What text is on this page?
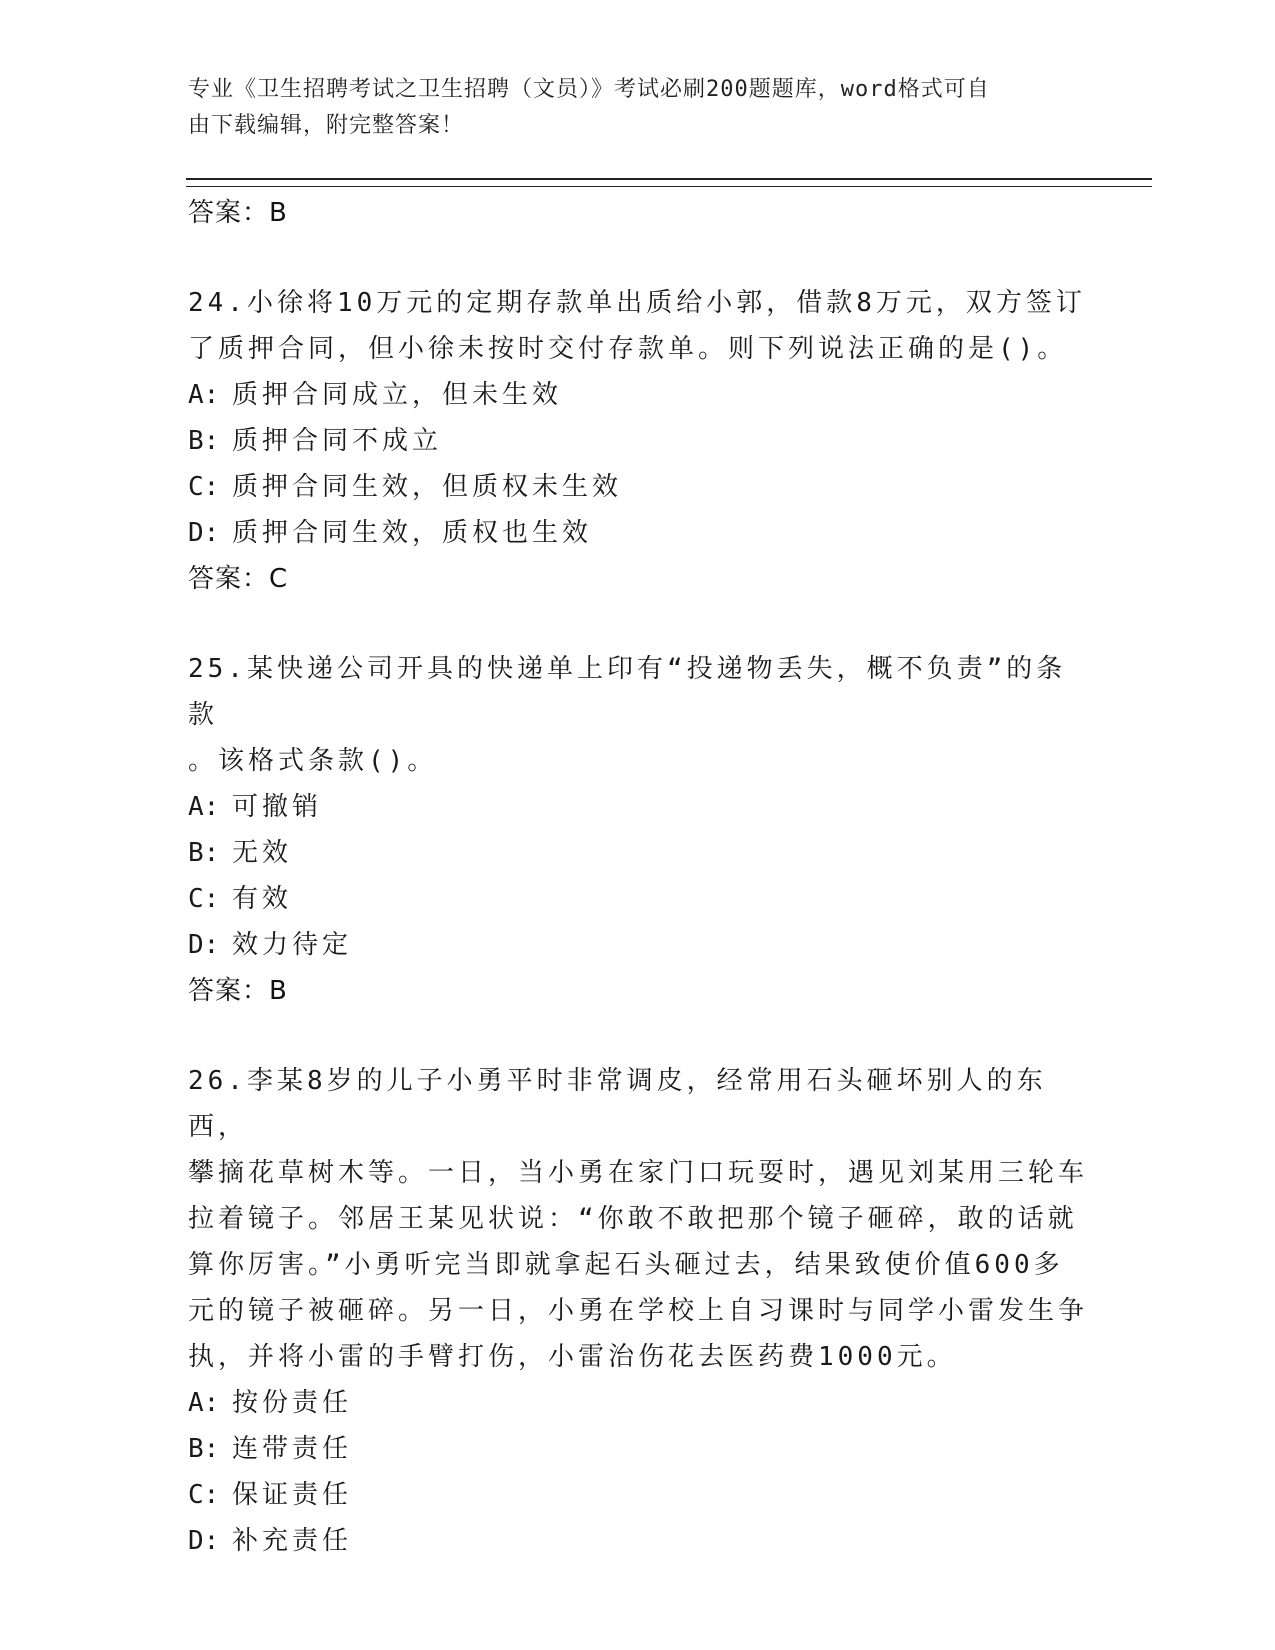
专业《卫生招聘考试之卫生招聘（文员）》考试必刷200题题库，word格式可自
由下载编辑，附完整答案！
答案：B
24.小徐将10万元的定期存款单出质给小郭，借款8万元，双方签订
了质押合同，但小徐未按时交付存款单。则下列说法正确的是()。
A: 质押合同成立，但未生效
B: 质押合同不成立
C: 质押合同生效，但质权未生效
D: 质押合同生效，质权也生效
答案：C
25.某快递公司开具的快递单上印有“投递物丢失，概不负责”的条款
。该格式条款()。
A: 可撤销
B: 无效
C: 有效
D: 效力待定
答案：B
26.李某8岁的儿子小勇平时非常调皮，经常用石头砸坏别人的东西，
攀摘花草树木等。一日，当小勇在家门口玩耍时，遇见刘某用三轮车
拉着镜子。邻居王某见状说：“你敢不敢把那个镜子砸碎，敢的话就
算你厉害。”小勇听完当即就拿起石头砸过去，结果致使价值600多
元的镜子被砸碎。另一日，小勇在学校上自习课时与同学小雷发生争
执，并将小雷的手臂打伤，小雷治伤花去医药费1000元。
A: 按份责任
B: 连带责任
C: 保证责任
D: 补充责任
